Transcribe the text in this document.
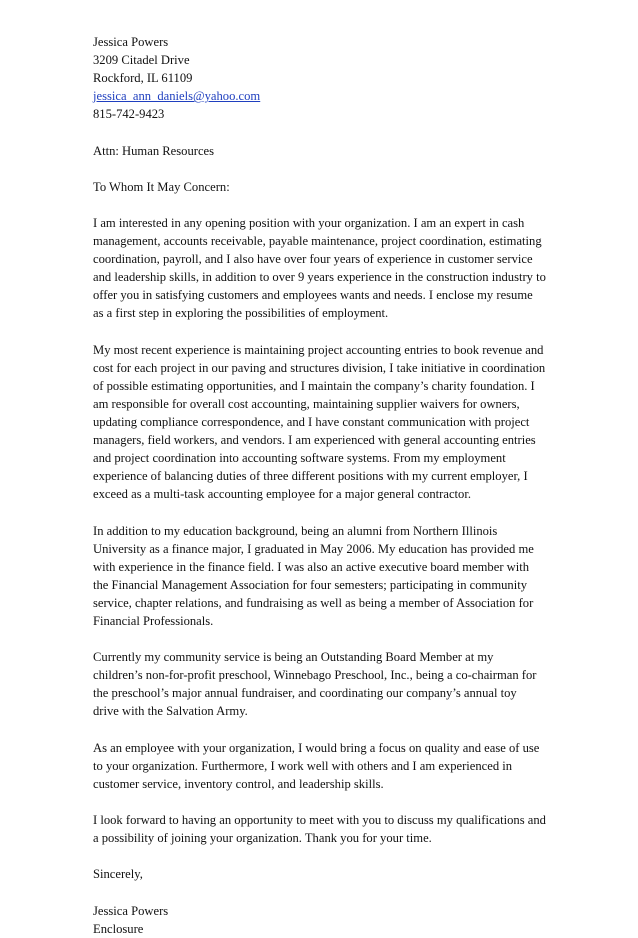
Jessica Powers
3209 Citadel Drive
Rockford, IL 61109
jessica_ann_daniels@yahoo.com
815-742-9423
Attn: Human Resources
To Whom It May Concern:
I am interested in any opening position with your organization. I am an expert in cash
management, accounts receivable, payable maintenance, project coordination, estimating
coordination, payroll, and I also have over four years of experience in customer service
and leadership skills, in addition to over 9 years experience in the construction industry to
offer you in satisfying customers and employees wants and needs. I enclose my resume
as a first step in exploring the possibilities of employment.
My most recent experience is maintaining project accounting entries to book revenue and
cost for each project in our paving and structures division, I take initiative in coordination
of possible estimating opportunities, and I maintain the company’s charity foundation. I
am responsible for overall cost accounting, maintaining supplier waivers for owners,
updating compliance correspondence, and I have constant communication with project
managers, field workers, and vendors. I am experienced with general accounting entries
and project coordination into accounting software systems. From my employment
experience of balancing duties of three different positions with my current employer, I
exceed as a multi-task accounting employee for a major general contractor.
In addition to my education background, being an alumni from Northern Illinois
University as a finance major, I graduated in May 2006. My education has provided me
with experience in the finance field. I was also an active executive board member with
the Financial Management Association for four semesters; participating in community
service, chapter relations, and fundraising as well as being a member of Association for
Financial Professionals.
Currently my community service is being an Outstanding Board Member at my
children’s non-for-profit preschool, Winnebago Preschool, Inc., being a co-chairman for
the preschool’s major annual fundraiser, and coordinating our company’s annual toy
drive with the Salvation Army.
As an employee with your organization, I would bring a focus on quality and ease of use
to your organization. Furthermore, I work well with others and I am experienced in
customer service, inventory control, and leadership skills.
I look forward to having an opportunity to meet with you to discuss my qualifications and
a possibility of joining your organization. Thank you for your time.
Sincerely,
Jessica Powers
Enclosure
